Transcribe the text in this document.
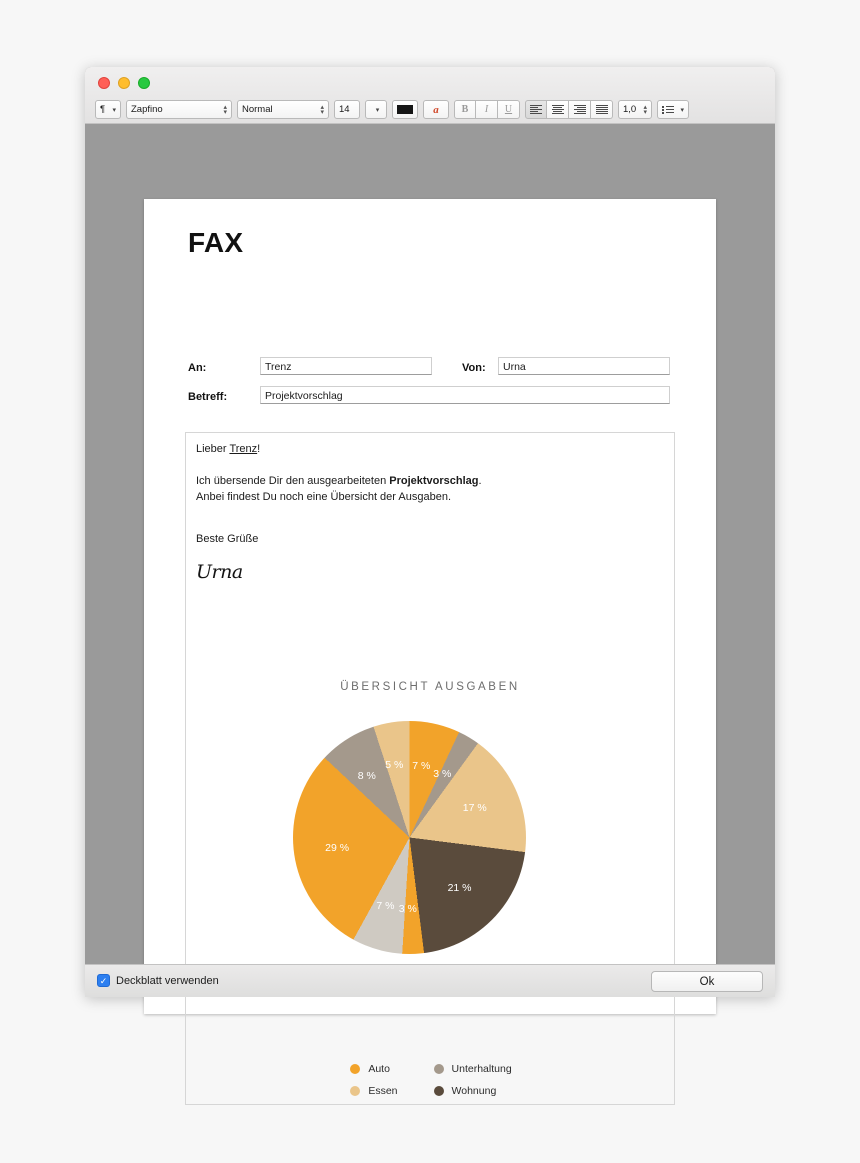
¶ ▾ Zapfino	▴
▾ Normal	▴
▾ 14	▾	a B I U	1,0 ▴
▾	▾
FAX
An:	Trenz	Von: Urna
Betreff:	Projektvorschlag
Lieber Trenz!
Ich übersende Dir den ausgearbeiteten Projektvorschlag.
Anbei findest Du noch eine Übersicht der Ausgaben.
Beste Grüße
Urna
ÜBERSICHT AUSGABEN
7 %
3 %
17 %
21 %
3 %
7 %
29 %
8 %
5 %
Auto
Essen
Unterhaltung
Wohnung
✓ Deckblatt verwenden	Ok
